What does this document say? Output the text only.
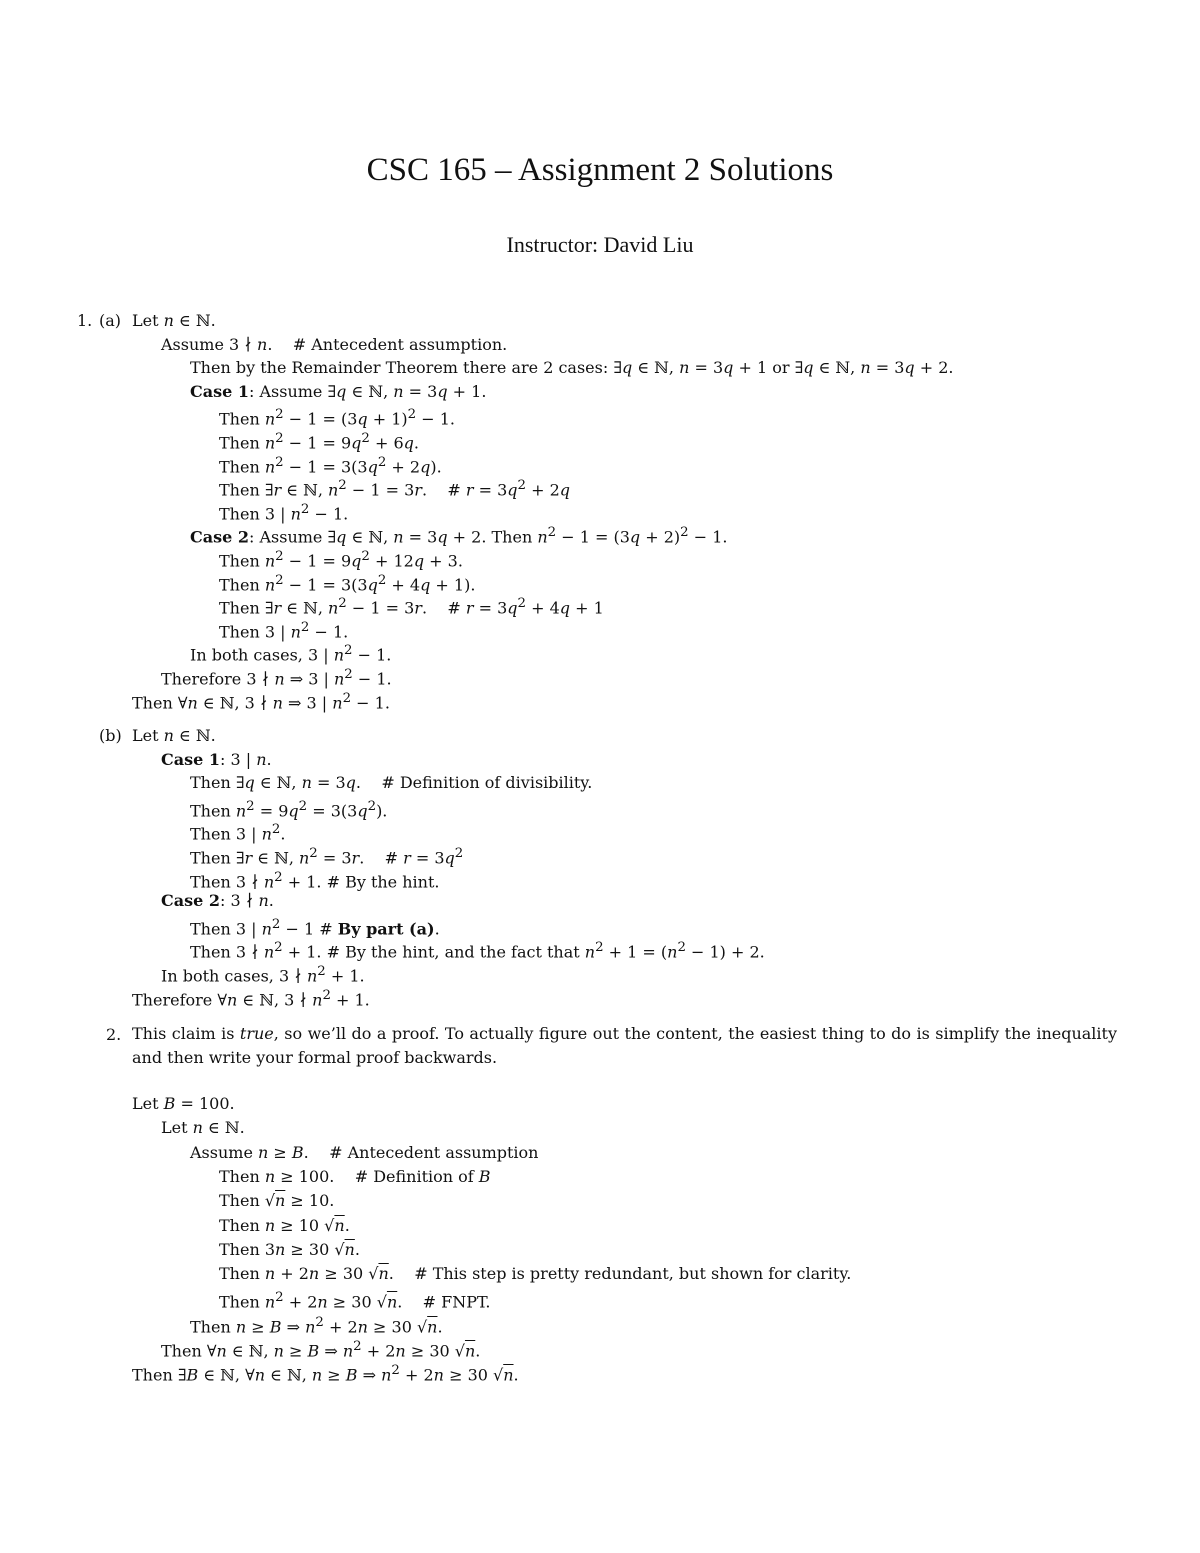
CSC 165 – Assignment 2 Solutions
Instructor: David Liu
1. (a) Let n ∈ ℕ.
Assume 3 ∤ n.    # Antecedent assumption.
Then by the Remainder Theorem there are 2 cases: ∃q ∈ ℕ, n = 3q + 1 or ∃q ∈ ℕ, n = 3q + 2.
Case 1: Assume ∃q ∈ ℕ, n = 3q + 1.
Then $n^2 - 1 = (3q + 1)^2 - 1$.
Then $n^2 - 1 = 9q^2 + 6q$.
Then $n^2 - 1 = 3(3q^2 + 2q)$.
Then ∃r ∈ ℕ, $n^2 - 1 = 3r$.    # $r = 3q^2 + 2q$
Then 3 | $n^2 - 1$.
Case 2: Assume ∃q ∈ ℕ, n = 3q + 2. Then $n^2 - 1 = (3q + 2)^2 - 1$.
Then $n^2 - 1 = 9q^2 + 12q + 3$.
Then $n^2 - 1 = 3(3q^2 + 4q + 1)$.
Then ∃r ∈ ℕ, $n^2 - 1 = 3r$.    # $r = 3q^2 + 4q + 1$
Then 3 | $n^2 - 1$.
In both cases, 3 | $n^2 - 1$.
Therefore 3 ∤ n ⇒ 3 | $n^2 - 1$.
Then ∀n ∈ ℕ, 3 ∤ n ⇒ 3 | $n^2 - 1$.
(b) Let n ∈ ℕ.
Case 1: 3 | n.
Then ∃q ∈ ℕ, n = 3q.    # Definition of divisibility.
Then $n^2 = 9q^2 = 3(3q^2)$.
Then 3 | $n^2$.
Then ∃r ∈ ℕ, $n^2 = 3r$.    # $r = 3q^2$
Then 3 ∤ $n^2 + 1$. # By the hint.
Case 2: 3 ∤ n.
Then 3 | $n^2 - 1$ # By part (a).
Then 3 ∤ $n^2 + 1$. # By the hint, and the fact that $n^2 + 1 = (n^2 - 1) + 2$.
In both cases, 3 ∤ $n^2 + 1$.
Therefore ∀n ∈ ℕ, 3 ∤ $n^2 + 1$.
2. This claim is true, so we’ll do a proof. To actually figure out the content, the easiest thing to do is simplify the inequality and then write your formal proof backwards.
Let B = 100.
Let n ∈ ℕ.
Assume n ≥ B.    # Antecedent assumption
Then n ≥ 100.    # Definition of B
Then √n ≥ 10.
Then n ≥ 10 √n.
Then 3n ≥ 30 √n.
Then n + 2n ≥ 30 √n.    # This step is pretty redundant, but shown for clarity.
Then $n^2 + 2n \ge 30$ √n.    # FNPT.
Then n ≥ B ⇒ $n^2 + 2n \ge 30$ √n.
Then ∀n ∈ ℕ, n ≥ B ⇒ $n^2 + 2n \ge 30$ √n.
Then ∃B ∈ ℕ, ∀n ∈ ℕ, n ≥ B ⇒ $n^2 + 2n \ge 30$ √n.
